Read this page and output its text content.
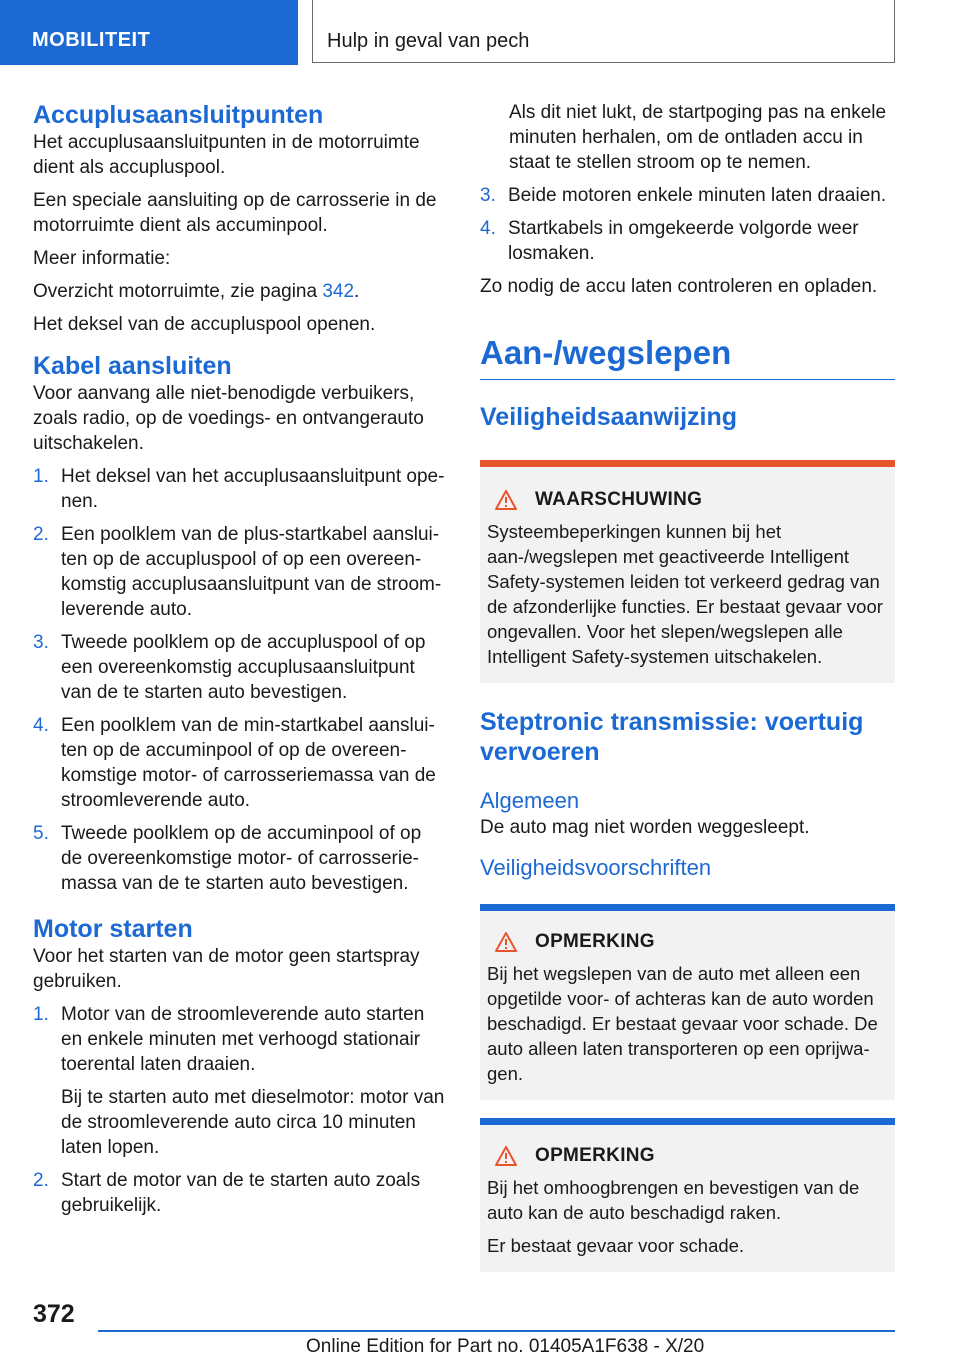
MOBILITEIT	Hulp in geval van pech
Accuplusaansluitpunten

Het accuplusaansluitpunten in de motorruimte dient als accupluspool.

Een speciale aansluiting op de carrosserie in de motorruimte dient als accuminpool.

Meer informatie:

Overzicht motorruimte, zie pagina 342.

Het deksel van de accupluspool openen.

Kabel aansluiten

Voor aanvang alle niet-benodigde verbuikers, zoals radio, op de voedings- en ontvangerauto uitschakelen.

1. Het deksel van het accuplusaansluitpunt openen.
2. Een poolklem van de plus-startkabel aansluiten op de accupluspool of op een overeenkomstig accuplusaansluitpunt van de stroomleverende auto.
3. Tweede poolklem op de accupluspool of op een overeenkomstig accuplusaansluitpunt van de te starten auto bevestigen.
4. Een poolklem van de min-startkabel aansluiten op de accuminpool of op de overeenkomstige motor- of carrosseriemassa van de stroomleverende auto.
5. Tweede poolklem op de accuminpool of op de overeenkomstige motor- of carrosseriemassa van de te starten auto bevestigen.
Motor starten

Voor het starten van de motor geen startspray gebruiken.

1. Motor van de stroomleverende auto starten en enkele minuten met verhoogd stationair toerental laten draaien.

Bij te starten auto met dieselmotor: motor van de stroomleverende auto circa 10 minuten laten lopen.

2. Start de motor van de te starten auto zoals gebruikelijk.

Als dit niet lukt, de startpoging pas na enkele minuten herhalen, om de ontladen accu in staat te stellen stroom op te nemen.

3. Beide motoren enkele minuten laten draaien.
4. Startkabels in omgekeerde volgorde weer losmaken.

Zo nodig de accu laten controleren en opladen.

Aan-/wegslepen
Veiligheidsaanwijzing
WAARSCHUWING

Systeembeperkingen kunnen bij het aan-/wegslepen met geactiveerde Intelligent Safety-systemen leiden tot verkeerd gedrag van de afzonderlijke functies. Er bestaat gevaar voor ongevallen. Voor het slepen/wegslepen alle Intelligent Safety-systemen uitschakelen.

Steptronic transmissie: voertuig vervoeren
Algemeen

De auto mag niet worden weggesleept.

Veiligheidsvoorschriften
OPMERKING

Bij het wegslepen van de auto met alleen een opgetilde voor- of achteras kan de auto worden beschadigd. Er bestaat gevaar voor schade. De auto alleen laten transporteren op een oprijwagen.

OPMERKING

Bij het omhoogbrengen en bevestigen van de auto kan de auto beschadigd raken.

Er bestaat gevaar voor schade.

372
Online Edition for Part no. 01405A1F638 - X/20
